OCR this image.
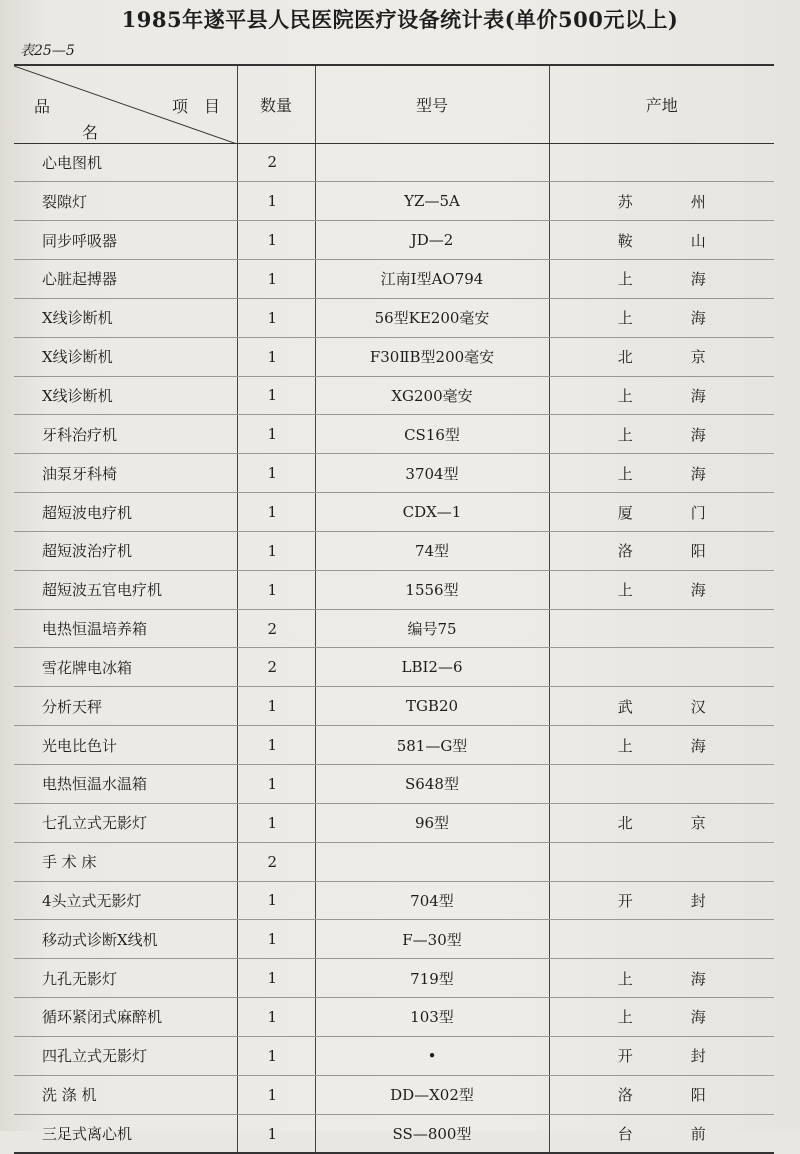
1985年遂平县人民医院医疗设备统计表(单价500元以上)
表25—5
项　目
品
名	数量	型号	产地
心电图机	2		
裂隙灯	1	YZ—5A	苏州
同步呼吸器	1	JD—2	鞍山
心脏起搏器	1	江南Ⅰ型AO794	上海
X线诊断机	1	56型KE200毫安	上海
X线诊断机	1	F30ⅡB型200毫安	北京
X线诊断机	1	XG200毫安	上海
牙科治疗机	1	CS16型	上海
油泵牙科椅	1	3704型	上海
超短波电疗机	1	CDX—1	厦门
超短波治疗机	1	74型	洛阳
超短波五官电疗机	1	1556型	上海
电热恒温培养箱	2	编号75	
雪花牌电冰箱	2	LBI2—6	
分析天秤	1	TGB20	武汉
光电比色计	1	581—G型	上海
电热恒温水温箱	1	S648型	
七孔立式无影灯	1	96型	北京
手 术 床	2		
4头立式无影灯	1	704型	开封
移动式诊断X线机	1	F—30型	
九孔无影灯	1	719型	上海
循环紧闭式麻醉机	1	103型	上海
四孔立式无影灯	1	•	开封
洗 涤 机	1	DD—X02型	洛阳
三足式离心机	1	SS—800型	台前
